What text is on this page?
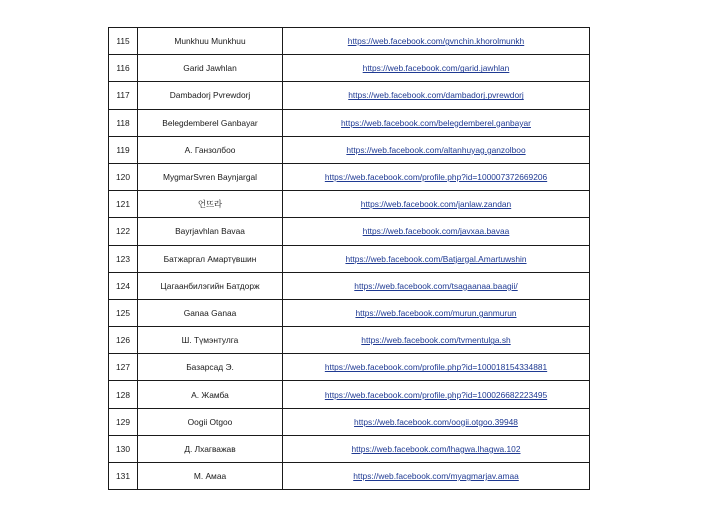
115	Munkhuu Munkhuu	https://web.facebook.com/gvnchin.khorolmunkh
116	Garid Jawhlan	https://web.facebook.com/garid.jawhlan
117	Dambadorj Pvrewdorj	https://web.facebook.com/dambadorj.pvrewdorj
118	Belegdemberel Ganbayar	https://web.facebook.com/belegdemberel.ganbayar
119	А. Ганзолбоо	https://web.facebook.com/altanhuyag.ganzolboo
120	MygmarSvren Baynjargal	https://web.facebook.com/profile.php?id=100007372669206
121	언뜨라	https://web.facebook.com/janlaw.zandan
122	Bayrjavhlan Bavaa	https://web.facebook.com/javxaa.bavaa
123	Батжаргал Амартүвшин	https://web.facebook.com/Batjargal.Amartuwshin
124	Цагаанбилэгийн Батдорж	https://web.facebook.com/tsagaanaa.baagii/
125	Ganaa Ganaa	https://web.facebook.com/murun.ganmurun
126	Ш. Түмэнтулга	https://web.facebook.com/tvmentulga.sh
127	Базарсад Э.	https://web.facebook.com/profile.php?id=100018154334881
128	А. Жамба	https://web.facebook.com/profile.php?id=100026682223495
129	Oogii Otgoo	https://web.facebook.com/oogii.otgoo.39948
130	Д. Лхагважав	https://web.facebook.com/lhagwa.lhagwa.102
131	М. Амаа	https://web.facebook.com/myagmarjav.amaa
